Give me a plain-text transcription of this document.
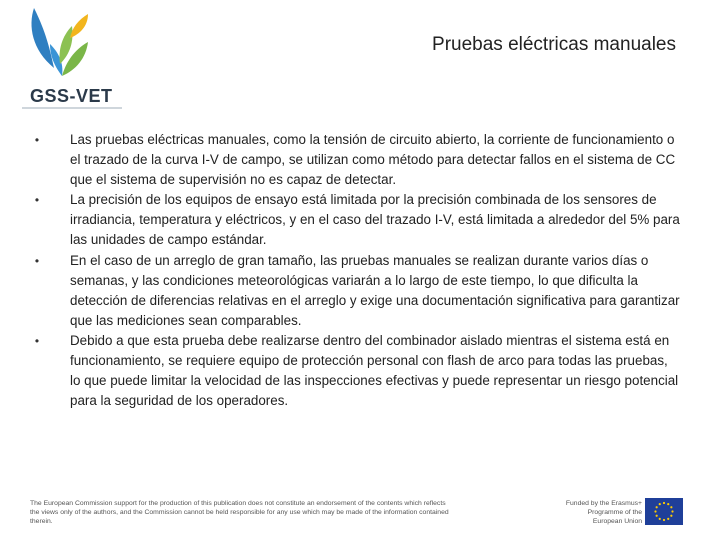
GSS-VET
Pruebas eléctricas manuales
•	Las pruebas eléctricas manuales, como la tensión de circuito abierto, la corriente de funcionamiento o el trazado de la curva I-V de campo, se utilizan como método para detectar fallos en el sistema de CC que el sistema de supervisión no es capaz de detectar.
•	La precisión de los equipos de ensayo está limitada por la precisión combinada de los sensores de irradiancia, temperatura y eléctricos, y en el caso del trazado I-V, está limitada a alrededor del 5% para las unidades de campo estándar.
•	En el caso de un arreglo de gran tamaño, las pruebas manuales se realizan durante varios días o semanas, y las condiciones meteorológicas variarán a lo largo de este tiempo, lo que dificulta la detección de diferencias relativas en el arreglo y exige una documentación significativa para garantizar que las mediciones sean comparables.
•	Debido a que esta prueba debe realizarse dentro del combinador aislado mientras el sistema está en funcionamiento, se requiere equipo de protección personal con flash de arco para todas las pruebas, lo que puede limitar la velocidad de las inspecciones efectivas y puede representar un riesgo potencial para la seguridad de los operadores.
The European Commission support for the production of this publication does not constitute an endorsement of the contents which reflects the views only of the authors, and the Commission cannot be held responsible for any use which may be made of the information contained therein.
Funded by the Erasmus+ Programme of the European Union
